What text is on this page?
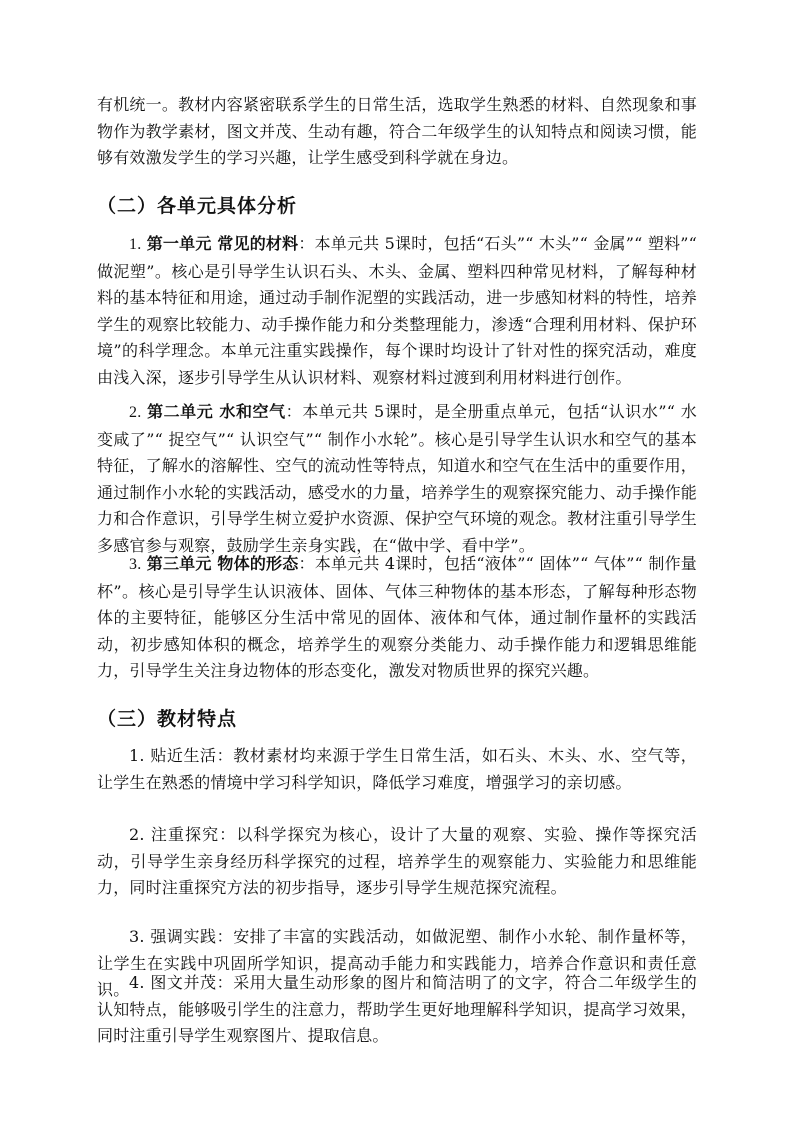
有机统一。教材内容紧密联系学生的日常生活，选取学生熟悉的材料、自然现象和事物作为教学素材，图文并茂、生动有趣，符合二年级学生的认知特点和阅读习惯，能够有效激发学生的学习兴趣，让学生感受到科学就在身边。

（二）各单元具体分析

1. 第一单元 常见的材料：本单元共 5课时，包括“石头”“ 木头”“ 金属”“ 塑料”“ 做泥塑”。核心是引导学生认识石头、木头、金属、塑料四种常见材料，了解每种材料的基本特征和用途，通过动手制作泥塑的实践活动，进一步感知材料的特性，培养学生的观察比较能力、动手操作能力和分类整理能力，渗透“合理利用材料、保护环境”的科学理念。本单元注重实践操作，每个课时均设计了针对性的探究活动，难度由浅入深，逐步引导学生从认识材料、观察材料过渡到利用材料进行创作。

2. 第二单元 水和空气：本单元共 5课时，是全册重点单元，包括“认识水”“ 水变咸了”“ 捉空气”“ 认识空气”“ 制作小水轮”。核心是引导学生认识水和空气的基本特征，了解水的溶解性、空气的流动性等特点，知道水和空气在生活中的重要作用，通过制作小水轮的实践活动，感受水的力量，培养学生的观察探究能力、动手操作能力和合作意识，引导学生树立爱护水资源、保护空气环境的观念。教材注重引导学生多感官参与观察，鼓励学生亲身实践，在“做中学、看中学”。

3. 第三单元 物体的形态：本单元共 4课时，包括“液体”“ 固体”“ 气体”“ 制作量杯”。核心是引导学生认识液体、固体、气体三种物体的基本形态，了解每种形态物体的主要特征，能够区分生活中常见的固体、液体和气体，通过制作量杯的实践活动，初步感知体积的概念，培养学生的观察分类能力、动手操作能力和逻辑思维能力，引导学生关注身边物体的形态变化，激发对物质世界的探究兴趣。

（三）教材特点

1. 贴近生活：教材素材均来源于学生日常生活，如石头、木头、水、空气等，让学生在熟悉的情境中学习科学知识，降低学习难度，增强学习的亲切感。

2. 注重探究：以科学探究为核心，设计了大量的观察、实验、操作等探究活动，引导学生亲身经历科学探究的过程，培养学生的观察能力、实验能力和思维能力，同时注重探究方法的初步指导，逐步引导学生规范探究流程。

3. 强调实践：安排了丰富的实践活动，如做泥塑、制作小水轮、制作量杯等，让学生在实践中巩固所学知识，提高动手能力和实践能力，培养合作意识和责任意识。 4. 图文并茂：采用大量生动形象的图片和简洁明了的文字，符合二年级学生的认知特点，能够吸引学生的注意力，帮助学生更好地理解科学知识，提高学习效果，同时注重引导学生观察图片、提取信息。
